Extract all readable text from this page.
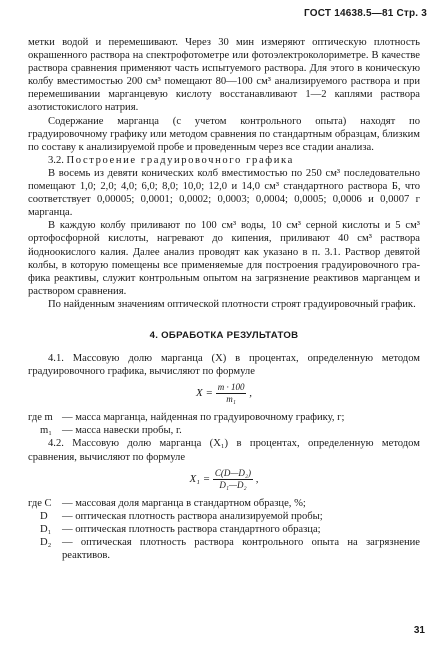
ГОСТ 14638.5—81 Стр. 3

метки водой и перемешивают. Через 30 мин измеряют оптическую плотность окрашенного раствора на спектрофотометре или фотоэлектроколориметре. В качестве раствора сравнения применяют часть испытуемого раствора. Для этого в коническую колбу вместимостью 200 см³ помещают 80—100 см³ анализируемого раствора и при перемешивании марганцевую кислоту восстанавливают 1—2 каплями раствора азотистокислого натрия.

Содержание марганца (с учетом контрольного опыта) находят по градуировочному графику или методом сравнения по стандартным образцам, близким по составу к анализируемой пробе и проведенным через все стадии анализа.

3.2. Построение градуировочного графика

В восемь из девяти конических колб вместимостью по 250 см³ последовательно помещают 1,0; 2,0; 4,0; 6,0; 8,0; 10,0; 12,0 и 14,0 см³ стандартного раствора Б, что соответствует 0,00005; 0,0001; 0,0002; 0,0003; 0,0004; 0,0005; 0,0006 и 0,0007 г марганца.

В каждую колбу приливают по 100 см³ воды, 10 см³ серной кислоты и 5 см³ ортофосфорной кислоты, нагревают до кипения, приливают 40 см³ раствора йодноокислого калия. Далее анализ проводят как указано в п. 3.1. Раствор девятой колбы, в которую помещены все применяемые для построения градуировочного графика реактивы, служит контрольным опытом на загрязнение реактивов марганцем и раствором сравнения.

По найденным значениям оптической плотности строят градуировочный график.

4. ОБРАБОТКА РЕЗУЛЬТАТОВ

4.1. Массовую долю марганца (X) в процентах, определенную методом градуировочного графика, вычисляют по формуле

$X = \frac{m \cdot 100}{\text{m₁}}$ ,
где m — масса марганца, найденная по градуировочному графику, г;
m₁ — масса навески пробы, г.

4.2. Массовую долю марганца (X₁) в процентах, определенную методом сравнения, вычисляют по формуле

$X_1 = \frac{\text{C(D—D₂)}}{\text{D₁—D₂}}$ ,
где C — массовая доля марганца в стандартном образце, %;
D	— оптическая плотность раствора анализируемой пробы;
D₁	— оптическая плотность раствора стандартного образца;
D₂	— оптическая плотность раствора контрольного опыта на загрязнение реактивов.
31
